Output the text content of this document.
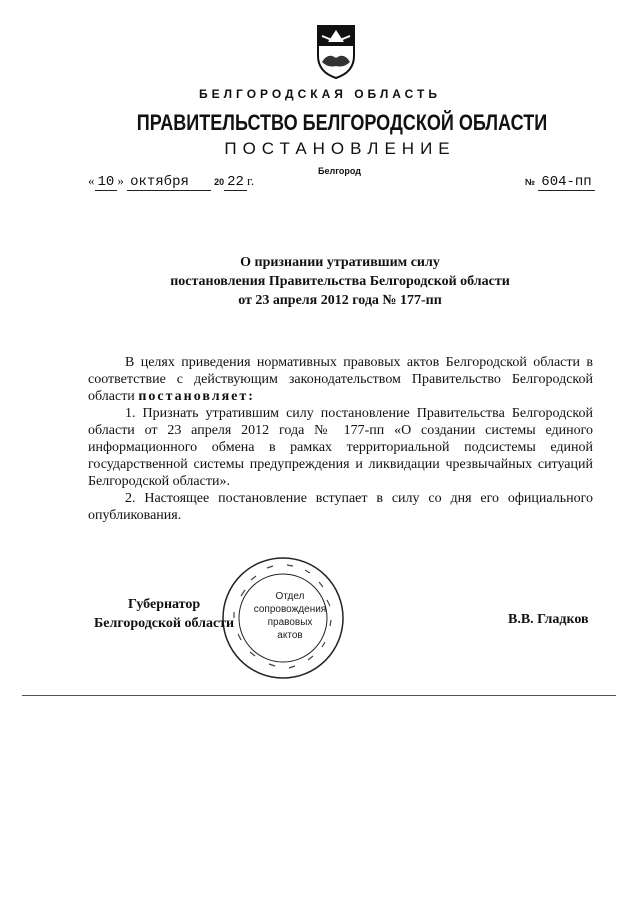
БЕЛГОРОДСКАЯ ОБЛАСТЬ
ПРАВИТЕЛЬСТВО БЕЛГОРОДСКОЙ ОБЛАСТИ
ПОСТАНОВЛЕНИЕ
Белгород
« 10 » октября	20 22 г.	№ 604-пп
О признании утратившим силу
постановления Правительства Белгородской области
от 23 апреля 2012 года № 177-пп

В целях приведения нормативных правовых актов Белгородской области в соответствие с действующим законодательством Правительство Белгородской области постановляет:

1. Признать утратившим силу постановление Правительства Белгородской области от 23 апреля 2012 года № 177-пп «О создании системы единого информационного обмена в рамках территориальной подсистемы единой государственной системы предупреждения и ликвидации чрезвычайных ситуаций Белгородской области».

2. Настоящее постановление вступает в силу со дня его официального опубликования.

Отдел
сопровождения
правовых
актов
Губернатор
Белгородской области	В.В. Гладков
